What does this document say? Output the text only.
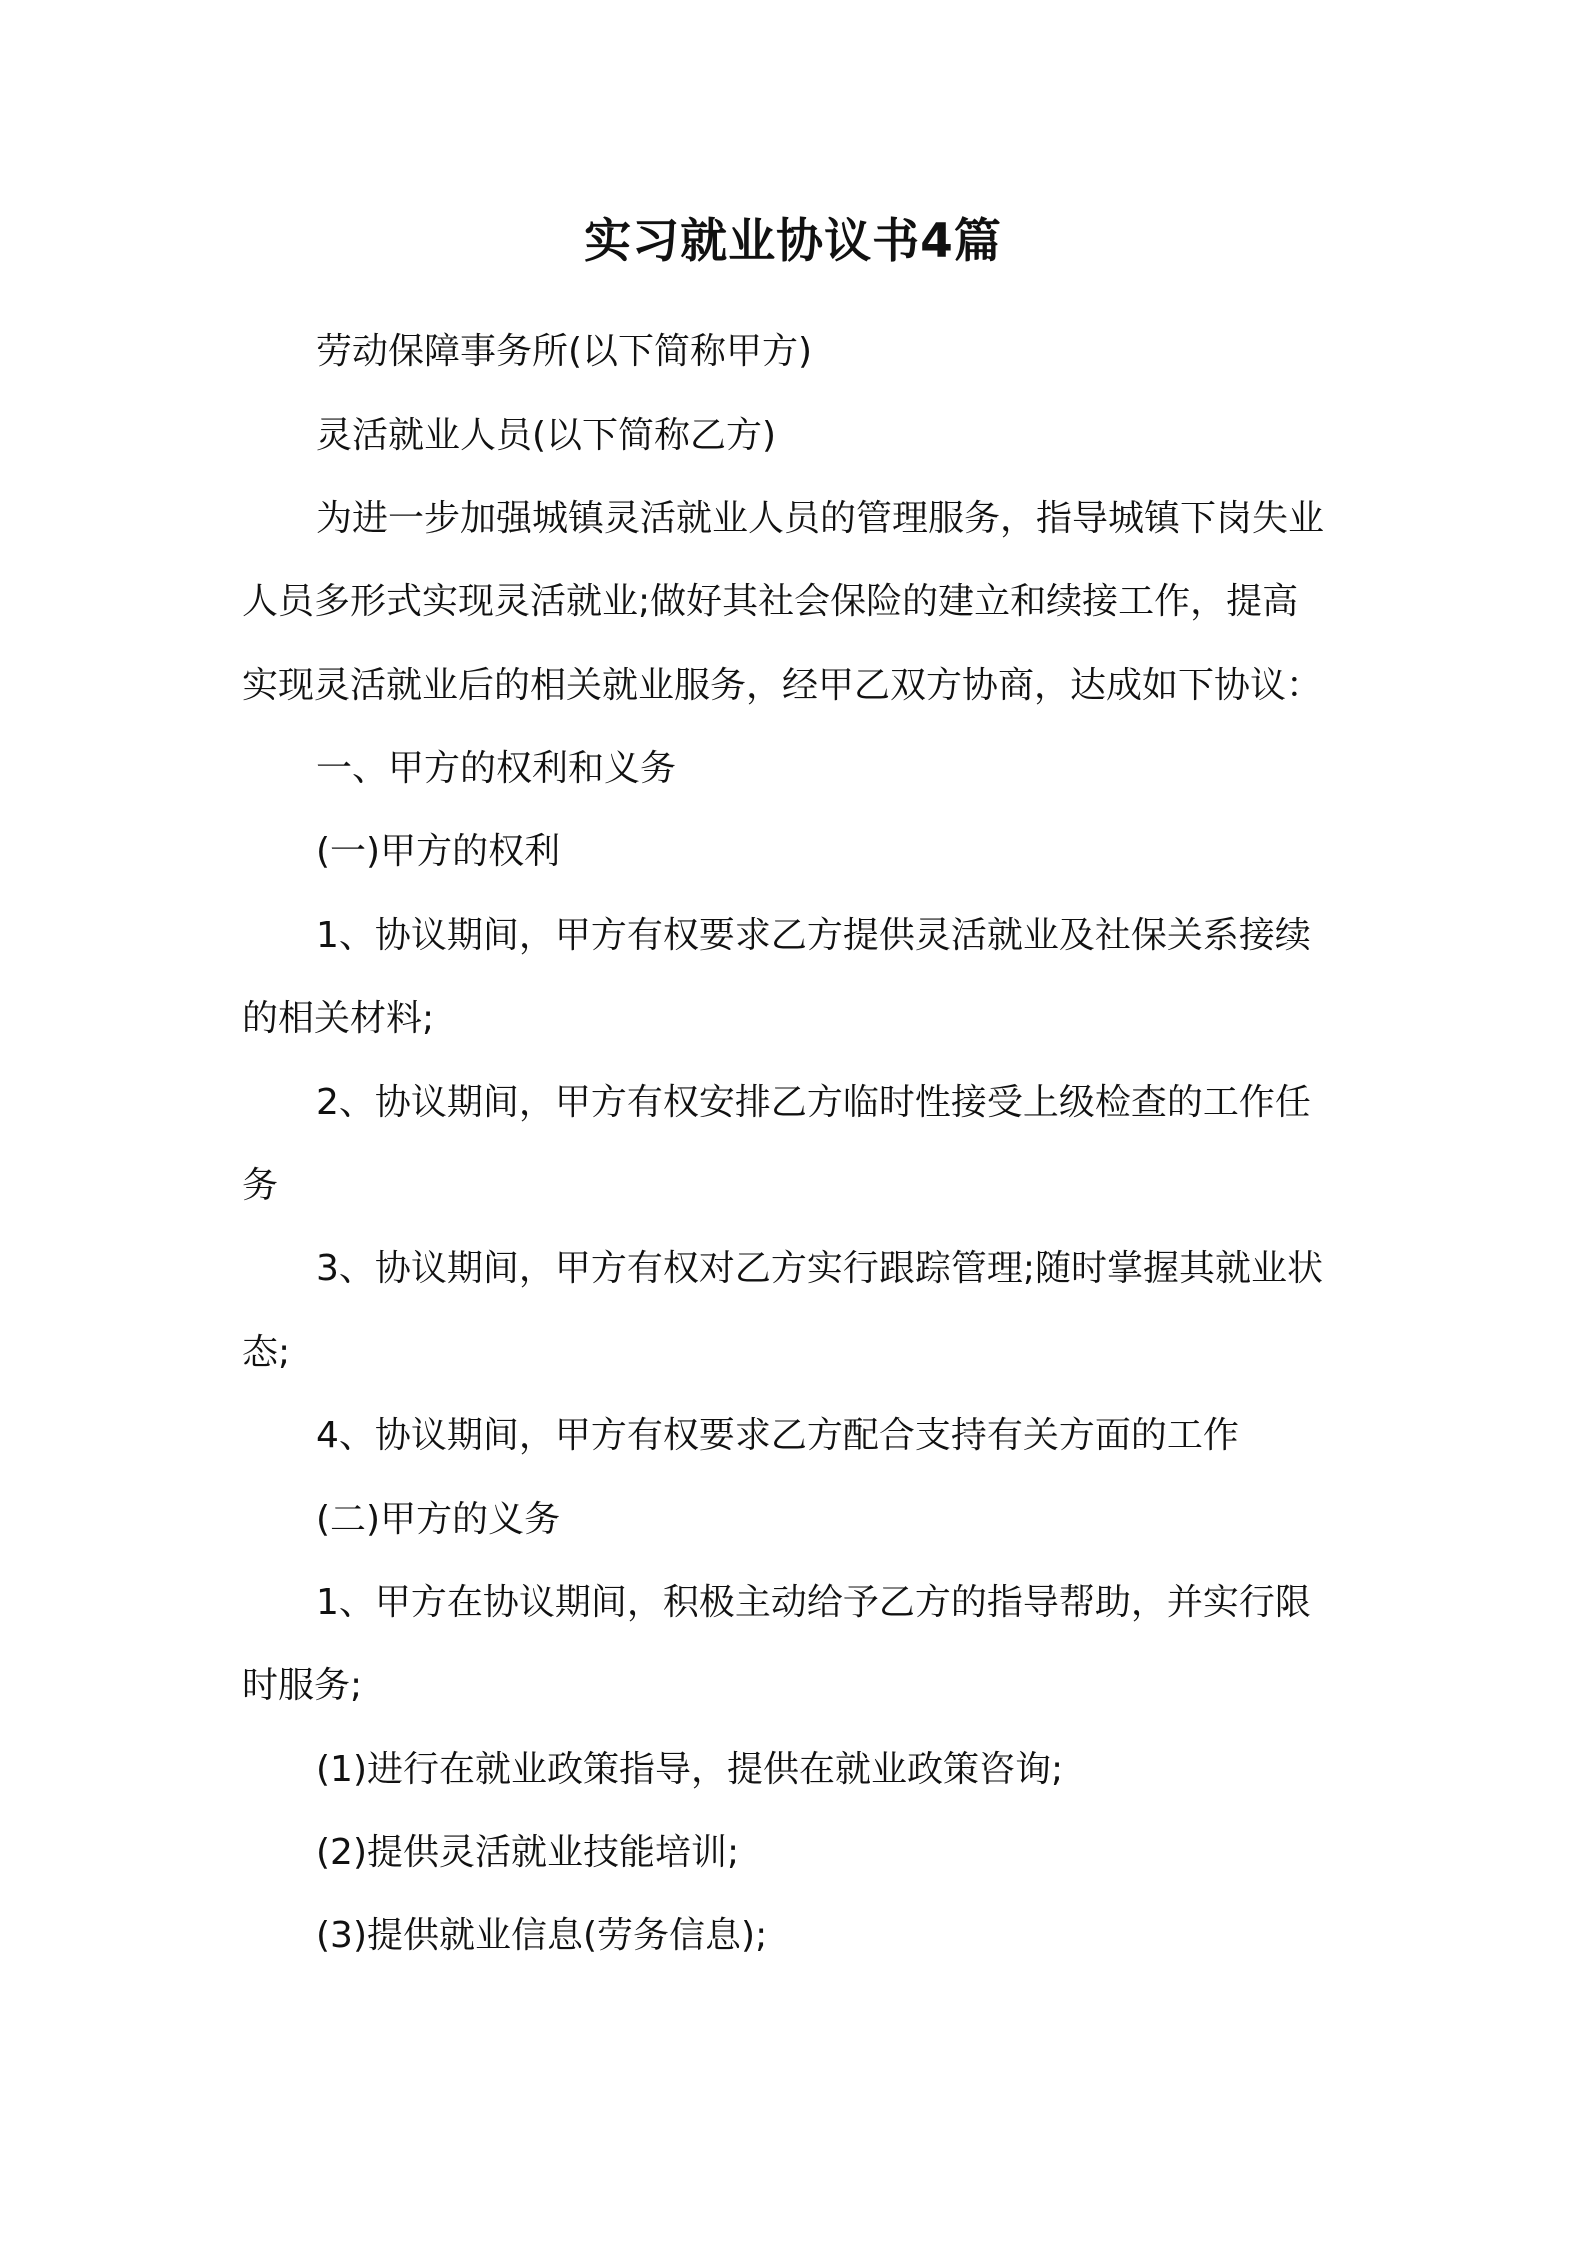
实习就业协议书4篇
劳动保障事务所(以下简称甲方)
灵活就业人员(以下简称乙方)
为进一步加强城镇灵活就业人员的管理服务，指导城镇下岗失业
人员多形式实现灵活就业;做好其社会保险的建立和续接工作，提高
实现灵活就业后的相关就业服务，经甲乙双方协商，达成如下协议：
一、甲方的权利和义务
(一)甲方的权利
1、协议期间，甲方有权要求乙方提供灵活就业及社保关系接续
的相关材料;
2、协议期间，甲方有权安排乙方临时性接受上级检查的工作任
务
3、协议期间，甲方有权对乙方实行跟踪管理;随时掌握其就业状
态;
4、协议期间，甲方有权要求乙方配合支持有关方面的工作
(二)甲方的义务
1、甲方在协议期间，积极主动给予乙方的指导帮助，并实行限
时服务;
(1)进行在就业政策指导，提供在就业政策咨询;
(2)提供灵活就业技能培训;
(3)提供就业信息(劳务信息);
